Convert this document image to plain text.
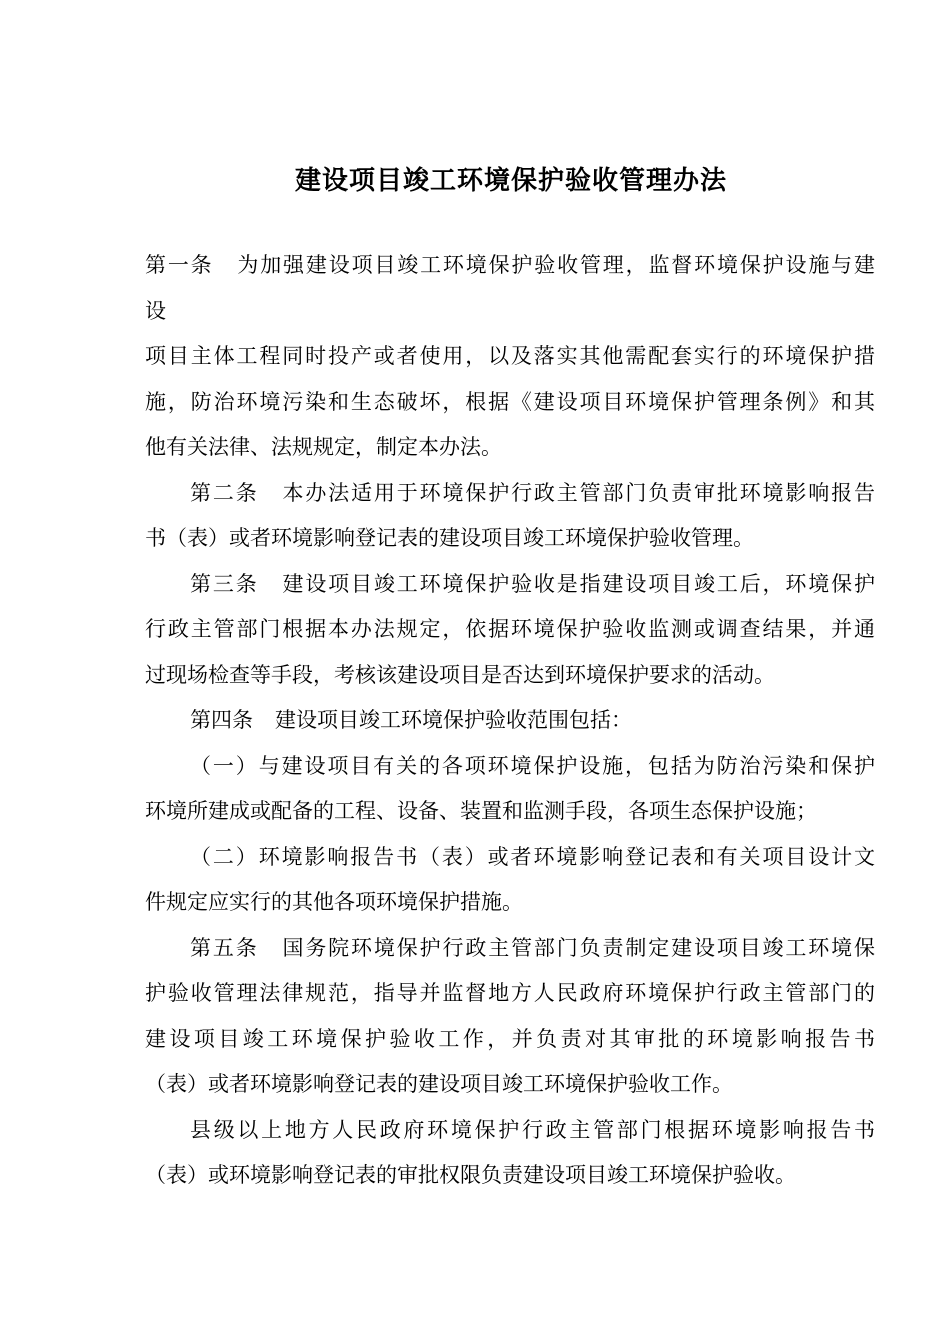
建设项目竣工环境保护验收管理办法
第一条 为加强建设项目竣工环境保护验收管理，监督环境保护设施与建
设
项目主体工程同时投产或者使用，以及落实其他需配套实行的环境保护措
施，防治环境污染和生态破坏，根据《建设项目环境保护管理条例》和其
他有关法律、法规规定，制定本办法。
第二条 本办法适用于环境保护行政主管部门负责审批环境影响报告
书（表）或者环境影响登记表的建设项目竣工环境保护验收管理。
第三条 建设项目竣工环境保护验收是指建设项目竣工后，环境保护
行政主管部门根据本办法规定，依据环境保护验收监测或调查结果，并通
过现场检查等手段，考核该建设项目是否达到环境保护要求的活动。
第四条 建设项目竣工环境保护验收范围包括：
（一）与建设项目有关的各项环境保护设施，包括为防治污染和保护
环境所建成或配备的工程、设备、装置和监测手段，各项生态保护设施；
（二）环境影响报告书（表）或者环境影响登记表和有关项目设计文
件规定应实行的其他各项环境保护措施。
第五条 国务院环境保护行政主管部门负责制定建设项目竣工环境保
护验收管理法律规范，指导并监督地方人民政府环境保护行政主管部门的
建设项目竣工环境保护验收工作，并负责对其审批的环境影响报告书
（表）或者环境影响登记表的建设项目竣工环境保护验收工作。
县级以上地方人民政府环境保护行政主管部门根据环境影响报告书
（表）或环境影响登记表的审批权限负责建设项目竣工环境保护验收。
